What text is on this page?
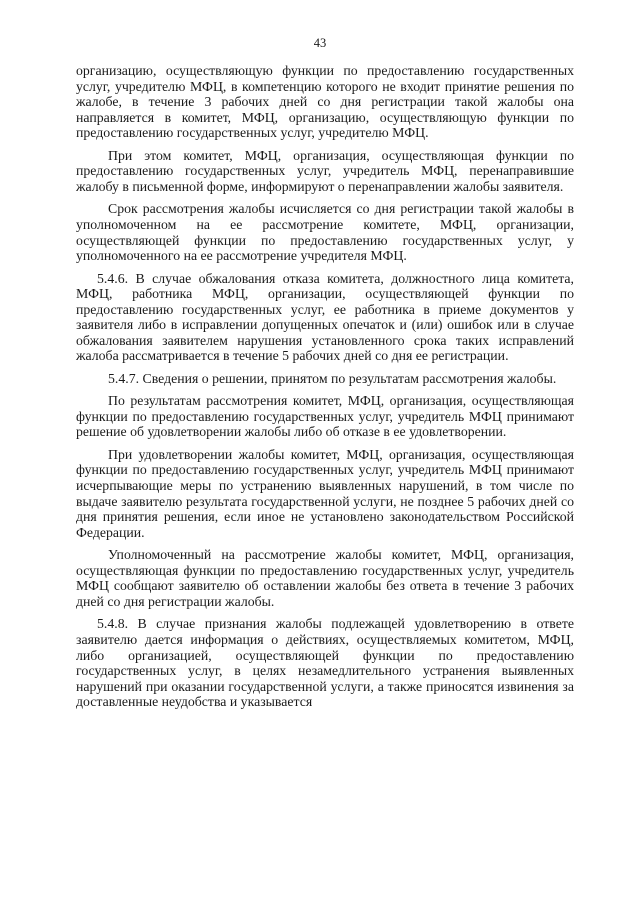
43

организацию, осуществляющую функции по предоставлению государственных услуг, учредителю МФЦ, в компетенцию которого не входит принятие решения по жалобе, в течение 3 рабочих дней со дня регистрации такой жалобы она направляется в комитет, МФЦ, организацию, осуществляющую функции по предоставлению государственных услуг, учредителю МФЦ.

При этом комитет, МФЦ, организация, осуществляющая функции по предоставлению государственных услуг, учредитель МФЦ, перенаправившие жалобу в письменной форме, информируют о перенаправлении жалобы заявителя.

Срок рассмотрения жалобы исчисляется со дня регистрации такой жалобы в уполномоченном на ее рассмотрение комитете, МФЦ, организации, осуществляющей функции по предоставлению государственных услуг, у уполномоченного на ее рассмотрение учредителя МФЦ.

5.4.6. В случае обжалования отказа комитета, должностного лица комитета, МФЦ, работника МФЦ, организации, осуществляющей функции по предоставлению государственных услуг, ее работника в приеме документов у заявителя либо в исправлении допущенных опечаток и (или) ошибок или в случае обжалования заявителем нарушения установленного срока таких исправлений жалоба рассматривается в течение 5 рабочих дней со дня ее регистрации.

5.4.7. Сведения о решении, принятом по результатам рассмотрения жалобы.

По результатам рассмотрения комитет, МФЦ, организация, осуществляющая функции по предоставлению государственных услуг, учредитель МФЦ принимают решение об удовлетворении жалобы либо об отказе в ее удовлетворении.

При удовлетворении жалобы комитет, МФЦ, организация, осуществляющая функции по предоставлению государственных услуг, учредитель МФЦ принимают исчерпывающие меры по устранению выявленных нарушений, в том числе по выдаче заявителю результата государственной услуги, не позднее 5 рабочих дней со дня принятия решения, если иное не установлено законодательством Российской Федерации.

Уполномоченный на рассмотрение жалобы комитет, МФЦ, организация, осуществляющая функции по предоставлению государственных услуг, учредитель МФЦ сообщают заявителю об оставлении жалобы без ответа в течение 3 рабочих дней со дня регистрации жалобы.

5.4.8. В случае признания жалобы подлежащей удовлетворению в ответе заявителю дается информация о действиях, осуществляемых комитетом, МФЦ, либо организацией, осуществляющей функции по предоставлению государственных услуг, в целях незамедлительного устранения выявленных нарушений при оказании государственной услуги, а также приносятся извинения за доставленные неудобства и указывается
